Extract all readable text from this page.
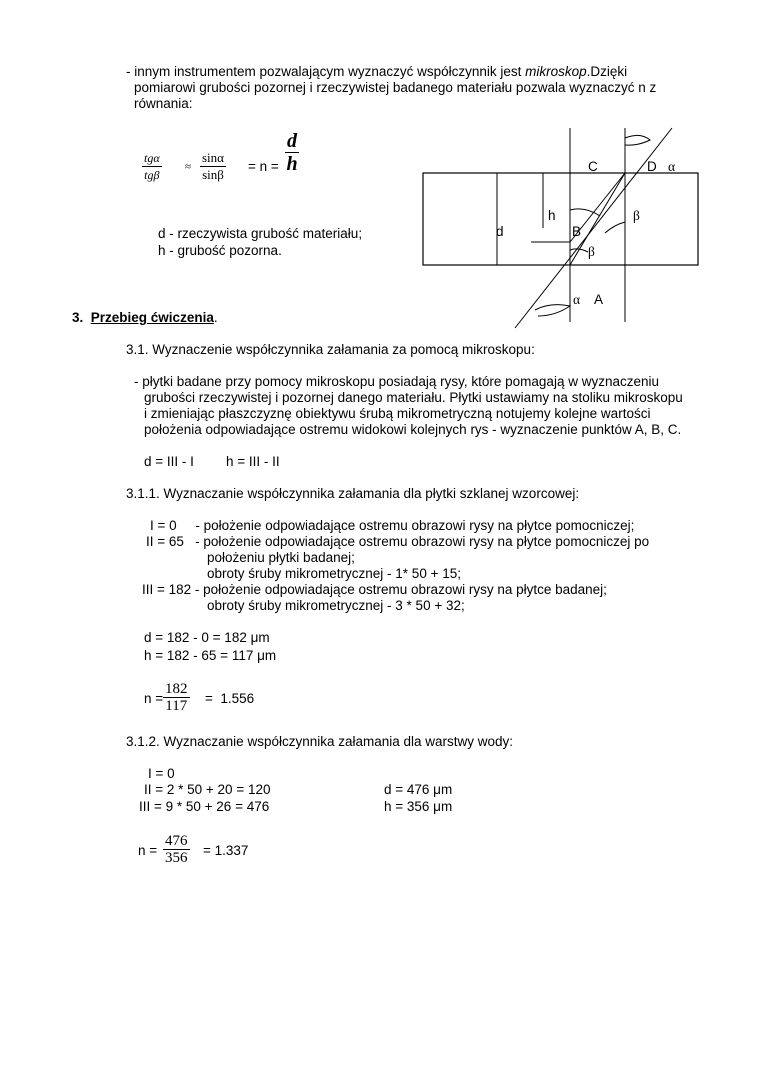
- innym instrumentem pozwalającym wyznaczyć współczynnik jest mikroskop.Dzięki
pomiarowi grubości pozornej i rzeczywistej badanego materiału pozwala wyznaczyć n z
równania:
tgα
tgβ
≈ $\frac{\sin\alpha}{\sin\beta} = n = \frac{d}{h}$
d - rzeczywista grubość materiału;
h - grubość pozorna.
C	D α
h
d	B
β
β
α A
3. Przebieg ćwiczenia.
3.1. Wyznaczenie współczynnika załamania za pomocą mikroskopu:
- płytki badane przy pomocy mikroskopu posiadają rysy, które pomagają w wyznaczeniu
grubości rzeczywistej i pozornej danego materiału. Płytki ustawiamy na stoliku mikroskopu
i zmieniając płaszczyznę obiektywu śrubą mikrometryczną notujemy kolejne wartości
położenia odpowiadające ostremu widokowi kolejnych rys - wyznaczenie punktów A, B, C.
d = III - I h = III - II
3.1.1. Wyznaczanie współczynnika załamania dla płytki szklanej wzorcowej:
I = 0     - położenie odpowiadające ostremu obrazowi rysy na płytce pomocniczej;
II = 65   - położenie odpowiadające ostremu obrazowi rysy na płytce pomocniczej po
położeniu płytki badanej;
obroty śruby mikrometrycznej - 1* 50 + 15;
III = 182 - położenie odpowiadające ostremu obrazowi rysy na płytce badanej;
obroty śruby mikrometrycznej - 3 * 50 + 32;
d = 182 - 0 = 182 μm
h = 182 - 65 = 117 μm
$n = \frac{182}{117} = 1.556$
3.1.2. Wyznaczanie współczynnika załamania dla warstwy wody:
I = 0
II = 2 * 50 + 20 = 120
III = 9 * 50 + 26 = 476
d = 476 μm
h = 356 μm
$n = \frac{476}{356} = 1.337$
